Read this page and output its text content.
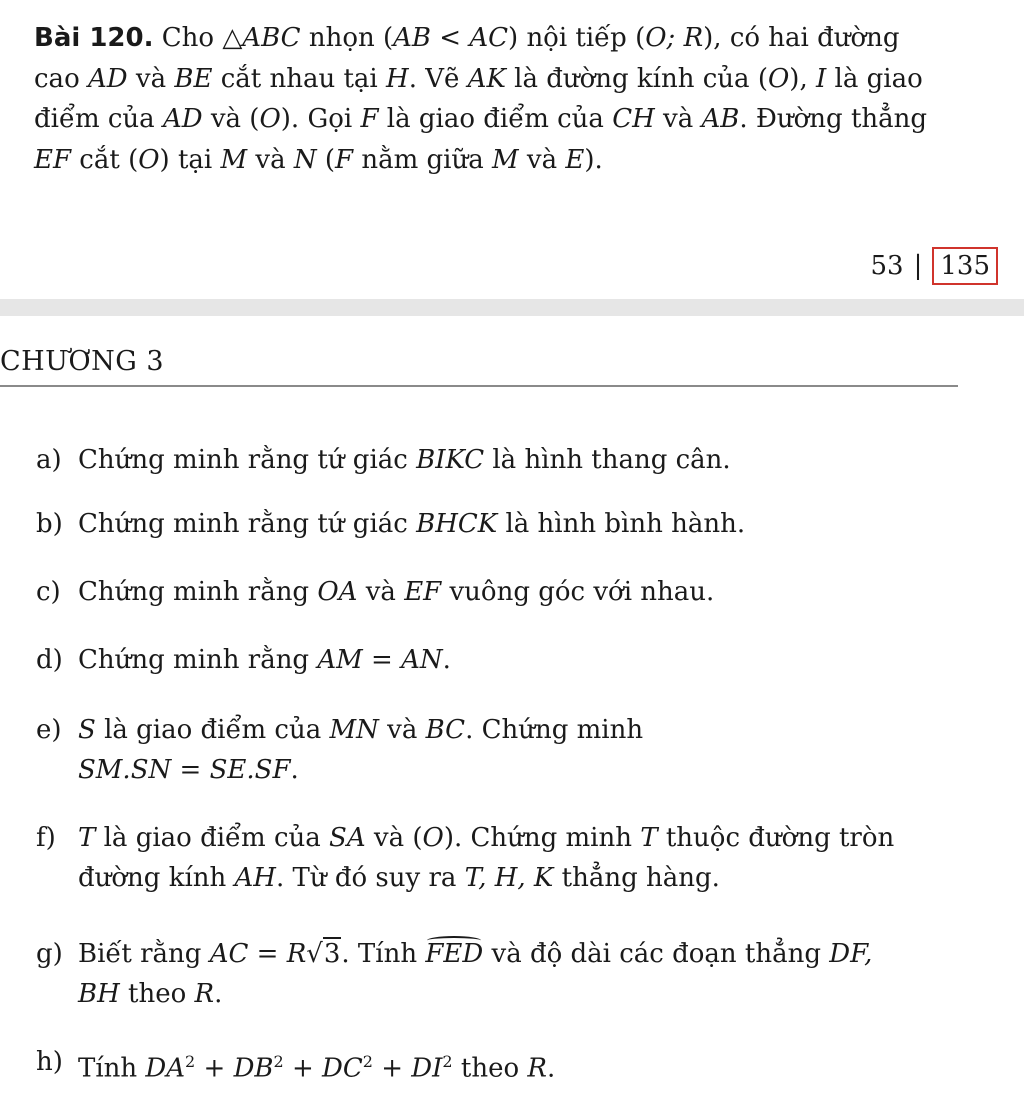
Bài 120. Cho △ABC nhọn (AB < AC) nội tiếp (O; R), có hai đường
cao AD và BE cắt nhau tại H. Vẽ AK là đường kính của (O), I là giao
điểm của AD và (O). Gọi F là giao điểm của CH và AB. Đường thẳng
EF cắt (O) tại M và N (F nằm giữa M và E).
53 | 135
CHƯƠNG 3
a) Chứng minh rằng tứ giác BIKC là hình thang cân.
b) Chứng minh rằng tứ giác BHCK là hình bình hành.
c) Chứng minh rằng OA và EF vuông góc với nhau.
d) Chứng minh rằng AM = AN.
e) S là giao điểm của MN và BC. Chứng minh
SM.SN = SE.SF.
f) T là giao điểm của SA và (O). Chứng minh T thuộc đường tròn
đường kính AH. Từ đó suy ra T, H, K thẳng hàng.
g) Biết rằng AC = R√3. Tính FED và độ dài các đoạn thẳng DF,
BH theo R.
h) Tính $DA^2 + DB^2 + DC^2 + DI^2$ theo R.
